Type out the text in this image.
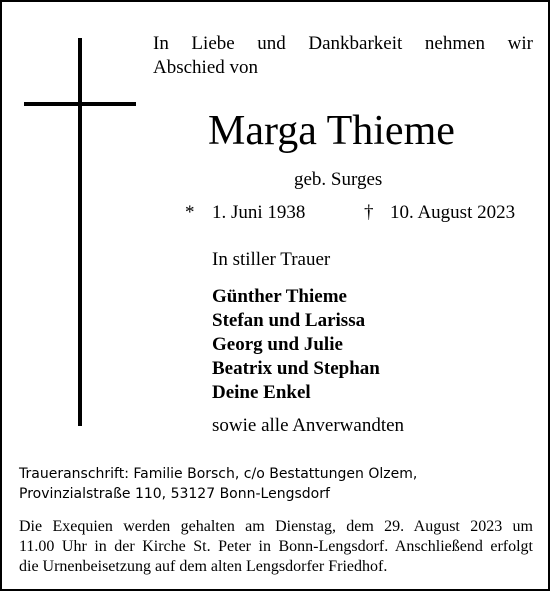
In Liebe und Dankbarkeit nehmen wir
Abschied von
Marga Thieme
geb. Surges
* 1. Juni 1938	† 10. August 2023
In stiller Trauer
Günther Thieme
Stefan und Larissa
Georg und Julie
Beatrix und Stephan
Deine Enkel
sowie alle Anverwandten
Traueranschrift: Familie Borsch, c/o Bestattungen Olzem,
Provinzialstraße 110, 53127 Bonn-Lengsdorf
Die Exequien werden gehalten am Dienstag, dem 29. August 2023 um
11.00 Uhr in der Kirche St. Peter in Bonn-Lengsdorf. Anschließend erfolgt
die Urnenbeisetzung auf dem alten Lengsdorfer Friedhof.
